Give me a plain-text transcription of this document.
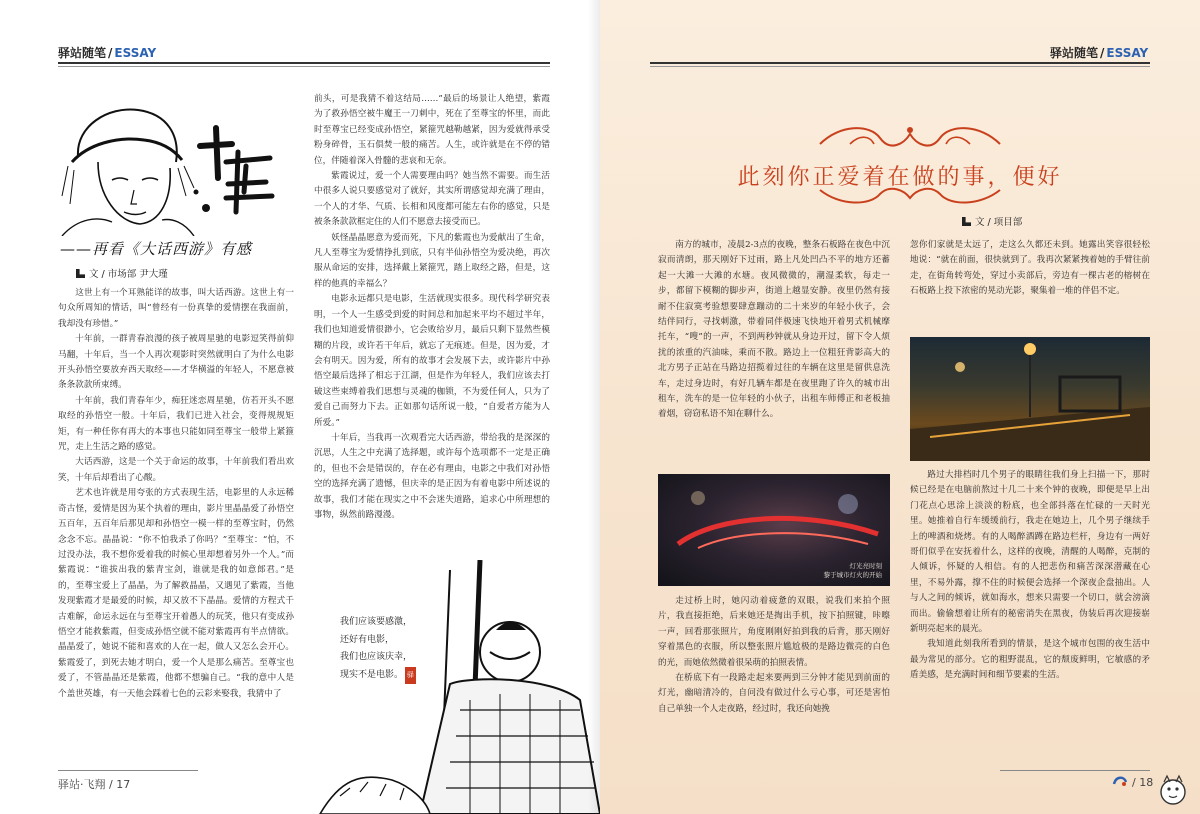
驿站随笔 / ESSAY
——再看《大话西游》有感
文 / 市场部 尹大瑾

这世上有一个耳熟能详的故事，叫大话西游。这世上有一句众所周知的情话，叫“曾经有一份真挚的爱情摆在我面前，我却没有珍惜。”

十年前，一群青春浪漫的孩子被周星驰的电影逗笑得前仰马翻，十年后，当一个人再次观影时突然就明白了为什么电影开头孙悟空要放弃西天取经——才华横溢的年轻人，不愿意被条条款款所束缚。

十年前，我们青春年少，痴狂迷恋周星驰，仿若开头不愿取经的孙悟空一般。十年后，我们已进入社会，变得规规矩矩，有一种任你有再大的本事也只能如同至尊宝一般带上紧箍咒，走上生活之路的感觉。

大话西游，这是一个关于命运的故事，十年前我们看出欢笑，十年后却看出了心酸。

艺术也许就是用夸张的方式表现生活，电影里的人永远稀奇古怪，爱情是因为某个执着的理由，影片里晶晶爱了孙悟空五百年，五百年后那见却和孙悟空一模一样的至尊宝时，仍然念念不忘。晶晶说：“你不怕我杀了你吗？”至尊宝：“怕，不过没办法，我不想你爱着我的时候心里却想着另外一个人。”而紫霞说：“谁拔出我的紫青宝剑，谁就是我的如意郎君。”是的，至尊宝爱上了晶晶，为了解救晶晶，又遇见了紫霞，当他发现紫霞才是最爱的时候，却又放不下晶晶。爱情的方程式千古难解，命运永远在与至尊宝开着愚人的玩笑，他只有变成孙悟空才能救紫霞，但变成孙悟空就不能对紫霞再有半点情欲。晶晶爱了，她说不能和喜欢的人在一起，做人又怎么会开心。紫霞爱了，到死去她才明白，爱一个人是那么痛苦。至尊宝也爱了，不管晶晶还是紫霞，他都不想骗自己。“我的意中人是个盖世英雄，有一天他会踩着七色的云彩来娶我，我猜中了

前头，可是我猜不着这结局……”最后的场景让人绝望，紫霞为了救孙悟空被牛魔王一刀刺中，死在了至尊宝的怀里，而此时至尊宝已经变成孙悟空，紧箍咒越勒越紧，因为爱就得承受粉身碎骨，玉石俱焚一般的痛苦。人生，或许就是在不停的错位，伴随着深入骨髓的悲哀和无奈。

紫霞说过，爱一个人需要理由吗？她当然不需要。而生活中很多人说只要感觉对了就好，其实所谓感觉却充满了理由，一个人的才华、气质、长相和风度都可能左右你的感觉，只是被条条款款框定住的人们不愿意去接受而已。

妖怪晶晶愿意为爱而死，下凡的紫霞也为爱献出了生命，凡人至尊宝为爱情挣扎到底，只有半仙孙悟空为爱决绝，再次服从命运的安排，选择戴上紧箍咒，踏上取经之路，但是，这样的他真的幸福么？

电影永远都只是电影，生活就现实很多。现代科学研究表明，一个人一生感受到爱的时间总和加起来平均不超过半年，我们也知道爱情很渺小，它会败给岁月，最后只剩下显然些模糊的片段，或许若干年后，就忘了无痕迹。但是，因为爱，才会有明天。因为爱，所有的故事才会发展下去，或许影片中孙悟空最后选择了相忘于江湖，但是作为年轻人，我们应该去打破这些束缚着我们思想与灵魂的枷锁，不为爱任何人，只为了爱自己而努力下去。正如那句话所说一般，“自爱者方能为人所爱。”

十年后，当我再一次观看完大话西游，带给我的是深深的沉思，人生之中充满了选择题，或许每个选项都不一定是正确的，但也不会是错误的，存在必有理由，电影之中我们对孙悟空的选择充满了遗憾，但庆幸的是正因为有着电影中所述说的故事，我们才能在现实之中不会迷失道路，追求心中所理想的事物，纵然前路漫漫。

我们应该要感激，
还好有电影，
我们也应该庆幸，
现实不是电影。 驿
驿站·飞翔 / 17
驿站随笔 / ESSAY
此刻你正爱着在做的事，便好
文 / 项目部

南方的城市，凌晨2-3点的夜晚，整条石板路在夜色中沉寂而清朗，那天刚好下过雨，路上凡处凹凸不平的地方还蓄起一大滩一大滩的水塘。夜风微微的，潮湿柔软，每走一步，都留下模糊的脚步声，街道上越显安静。夜里仍然有接耐不住寂寞考验想要肆意蹦动的二十来岁的年轻小伙子，会结伴同行，寻找刺激，带着同伴极速飞快地开着男式机械摩托车，“嗖”的一声，不到两秒钟就从身边开过，留下令人烦扰的浓重的汽油味，乘而不散。路边上一位粗狂背影高大的北方男子正站在马路边招揽着过往的车辆在这里是留供息洗车，走过身边时，有好几辆车都是在夜里跑了许久的城市出租车，洗车的是一位年轻的小伙子，出租车师傅正和老板抽着烟，窃窃私语不知在聊什么。

灯光亮时刻
黎于城市灯火的开始

走过桥上时，她闪动着疲惫的双眼，说我们来拍个照片，我直接拒绝，后来她还是掏出手机，按下拍照键，咔嚓一声，回看那张照片，角度刚刚好拍到我的后背，那天刚好穿着黑色的衣服，所以整张照片尴尬极的是路边微亮的白色的光，而她依然微着很呆萌的拍照表情。

在桥底下有一段路走起来要两到三分钟才能见到前面的灯光，幽暗清冷的，自问没有做过什么亏心事，可还是害怕自己单独一个人走夜路，经过时，我还向她挽

忽你们家就是太远了，走这么久都还未到。她露出笑容很轻松地说：“就在前面，很快就到了。我再次紧紧拽着她的手臂往前走，在街角转弯处，穿过小卖部后，旁边有一棵古老的榕树在石板路上投下浓密的晃动光影，聚集着一堆的伴侣不定。

路过大排档时几个男子的眼睛往我们身上扫描一下，那时候已经是在电脑前熬过十几二十来个钟的夜晚，即便是早上出门花点心思涂上淡淡的粉底，也全部抖落在忙碌的一天时光里。她推着自行车缓缓前行，我走在她边上，几个男子继续手上的啤酒和烧烤。有的人喝醉酒蹲在路边栏杆，身边有一两好哥们似乎在安抚着什么，这样的夜晚，清醒的人喝醉，克制的人倾诉，怀疑的人相信。有的人把悲伤和痛苦深深潜藏在心里，不易外露，撑不住的时候便会选择一个深夜企盘抽出。人与人之间的倾诉，就如海水，想来只需要一个切口，就会滂滴而出。偷偷想着让所有的秘密消失在黑夜，伪装后再次迎接崭新明亮起来的晨光。

我知道此刻我所看到的情景，是这个城市包围的夜生活中最为常见的部分。它的粗野混乱，它的颓废鲜明，它敏感的矛盾美感，是充满时间和细节要素的生活。

/ 18
